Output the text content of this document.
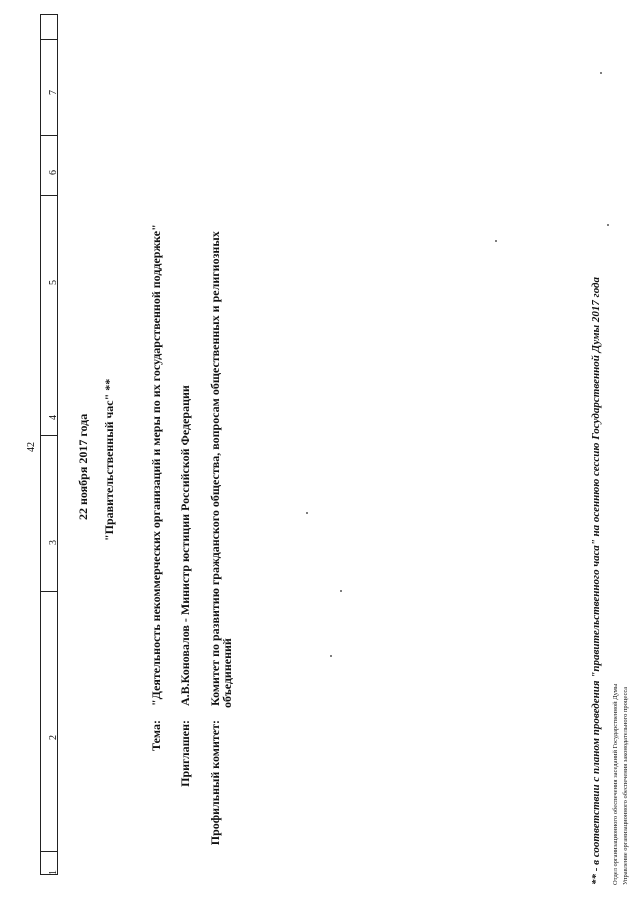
42
7
6
5
4
3
2
1
22 ноября 2017 года "Правительственный час" **
Тема: "Деятельность некоммерческих организаций и меры по их государственной поддержке"
Приглашен: А.В.Коновалов - Министр юстиции Российской Федерации
Профильный комитет: Комитет по развитию гражданского общества, вопросам общественных и религиозных
объединений
** - в соответствии с планом проведения "правительственного часа" на осеннюю сессию Государственной Думы 2017 года Отдел организационного обеспечения заседаний Государственной Думы Управление организационного обеспечения законодательного процесса
